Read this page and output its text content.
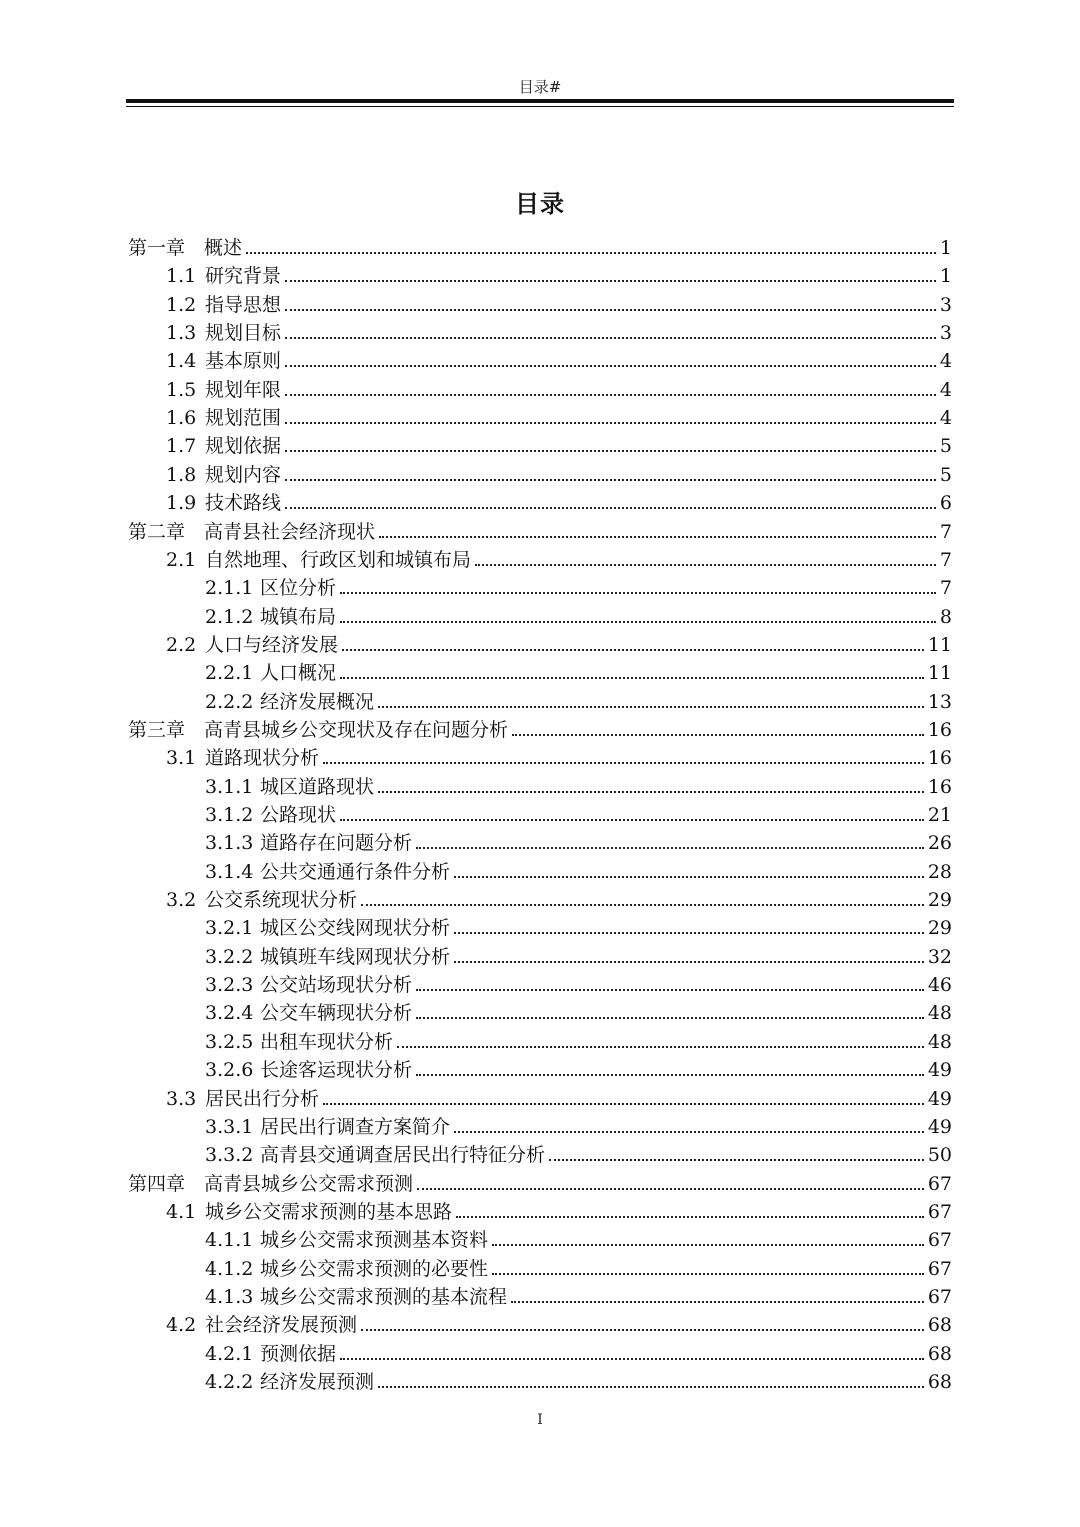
目录#
目录
第一章 概述	1
1.1 研究背景	1
1.2 指导思想	3
1.3 规划目标	3
1.4 基本原则	4
1.5 规划年限	4
1.6 规划范围	4
1.7 规划依据	5
1.8 规划内容	5
1.9 技术路线	6
第二章 高青县社会经济现状	7
2.1 自然地理、行政区划和城镇布局	7
2.1.1 区位分析	7
2.1.2 城镇布局	8
2.2 人口与经济发展	11
2.2.1 人口概况	11
2.2.2 经济发展概况	13
第三章 高青县城乡公交现状及存在问题分析	16
3.1 道路现状分析	16
3.1.1 城区道路现状	16
3.1.2 公路现状	21
3.1.3 道路存在问题分析	26
3.1.4 公共交通通行条件分析	28
3.2 公交系统现状分析	29
3.2.1 城区公交线网现状分析	29
3.2.2 城镇班车线网现状分析	32
3.2.3 公交站场现状分析	46
3.2.4 公交车辆现状分析	48
3.2.5 出租车现状分析	48
3.2.6 长途客运现状分析	49
3.3 居民出行分析	49
3.3.1 居民出行调查方案简介	49
3.3.2 高青县交通调查居民出行特征分析	50
第四章 高青县城乡公交需求预测	67
4.1 城乡公交需求预测的基本思路	67
4.1.1 城乡公交需求预测基本资料	67
4.1.2 城乡公交需求预测的必要性	67
4.1.3 城乡公交需求预测的基本流程	67
4.2 社会经济发展预测	68
4.2.1 预测依据	68
4.2.2 经济发展预测	68
I
